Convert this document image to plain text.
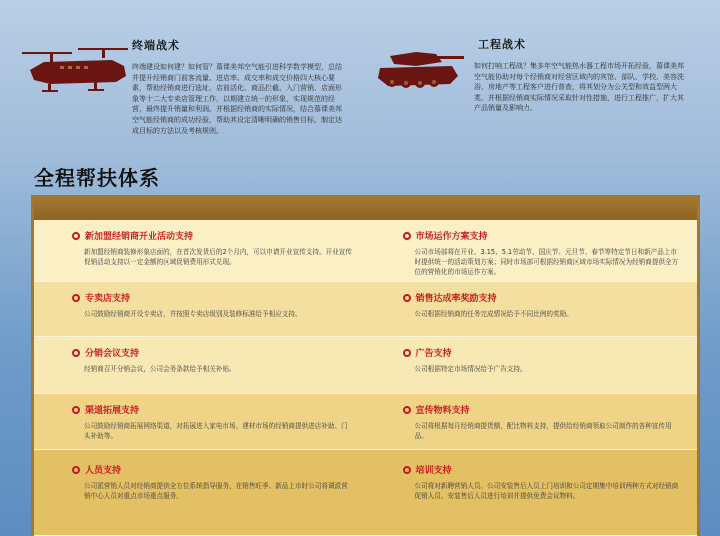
终端战术
终端建设如何建？如何管？慕课美邦空气能引进科学数学模型，总结并提升经销商门前客流量、进店率、成交率和成交价格四大核心要素，帮助经销商进行选址、店前活化、商品拦截、入门营销、店面形象等十二大专卖店管理工作，以期建立统一的形象，实现规范的经营，最终提升销量和利润。并根据经销商的实际情况，结合慕课美邦空气能经销商的成功经验，帮助其设定清晰明确的销售目标，制定达成目标的方法以及考核规则。
工程战术
如何打响工程战？集多年空气能热水器工程市场开拓经验，慕课美邦空气能协助对每个经销商对经营区域内的宾馆、部队、学校、美容洗浴、房地产等工程客户进行普查，将其划分为公关型和效益型两大类，并根据经销商实际情况采取针对性措施，进行工程推广，扩大其产品销量及影响力。
全程帮扶体系
新加盟经销商开业活动支持
新加盟经销商装修形象店面的，在首次发货后的2个月内，可以申请开业宣传支持。开业宣传促销活动支持以一定金额的区域促销费用形式兑现。
市场运作方案支持
公司市场部将在开业、3.15、5.1劳动节、国庆节、元旦节、春节等特定节日和新产品上市时提供统一的活动策划方案；同时市场部可根据经销商区域市场实际情况为经销商提供全方位的营销化的市场运作方案。
专卖店支持
公司鼓励经销商开设专卖店，并按照专卖店级别及装修标准给予相应支持。
销售达成率奖励支持
公司根据经销商的任务完成情况给予不同比例的奖励。
分销会议支持
经销商召开分销会议，公司会务条款给予相关补贴。
广告支持
公司根据特定市场情况给予广告支持。
渠道拓展支持
公司鼓励经销商拓展网络渠道，对拓展进入家电市场、建材市场的经销商提供进店补助、门头补助等。
宣传物料支持
公司将根据每月经销商提货额，配比物料支持，提供给经销商领取公司制作的各种宣传用品。
人员支持
公司派营销人员对经销商提供全方位系统指导服务，在销售旺季、新品上市时公司将调派营销中心人员对重点市场重点服务。
培训支持
公司将对新聘营销人员、公司安装售后人员上门培训和公司定期集中培训两种方式对经销商促销人员、安装售后人员进行培训并提供免费会议物料。
